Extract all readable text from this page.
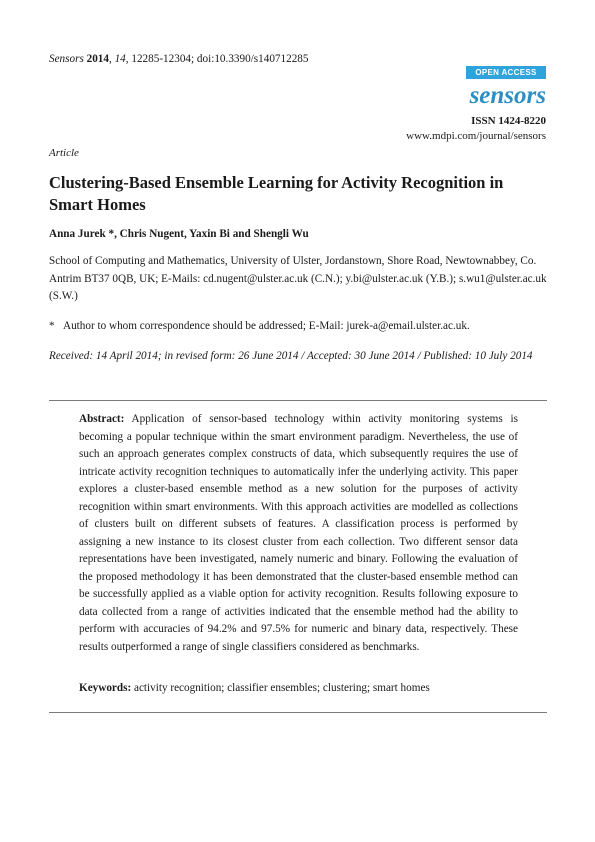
Sensors 2014, 14, 12285-12304; doi:10.3390/s140712285
OPEN ACCESS
sensors
ISSN 1424-8220
www.mdpi.com/journal/sensors
Article
Clustering-Based Ensemble Learning for Activity Recognition in Smart Homes
Anna Jurek *, Chris Nugent, Yaxin Bi and Shengli Wu
School of Computing and Mathematics, University of Ulster, Jordanstown, Shore Road, Newtownabbey, Co. Antrim BT37 0QB, UK; E-Mails: cd.nugent@ulster.ac.uk (C.N.); y.bi@ulster.ac.uk (Y.B.); s.wu1@ulster.ac.uk (S.W.)
* Author to whom correspondence should be addressed; E-Mail: jurek-a@email.ulster.ac.uk.
Received: 14 April 2014; in revised form: 26 June 2014 / Accepted: 30 June 2014 / Published: 10 July 2014
Abstract: Application of sensor-based technology within activity monitoring systems is becoming a popular technique within the smart environment paradigm. Nevertheless, the use of such an approach generates complex constructs of data, which subsequently requires the use of intricate activity recognition techniques to automatically infer the underlying activity. This paper explores a cluster-based ensemble method as a new solution for the purposes of activity recognition within smart environments. With this approach activities are modelled as collections of clusters built on different subsets of features. A classification process is performed by assigning a new instance to its closest cluster from each collection. Two different sensor data representations have been investigated, namely numeric and binary. Following the evaluation of the proposed methodology it has been demonstrated that the cluster-based ensemble method can be successfully applied as a viable option for activity recognition. Results following exposure to data collected from a range of activities indicated that the ensemble method had the ability to perform with accuracies of 94.2% and 97.5% for numeric and binary data, respectively. These results outperformed a range of single classifiers considered as benchmarks.
Keywords: activity recognition; classifier ensembles; clustering; smart homes
